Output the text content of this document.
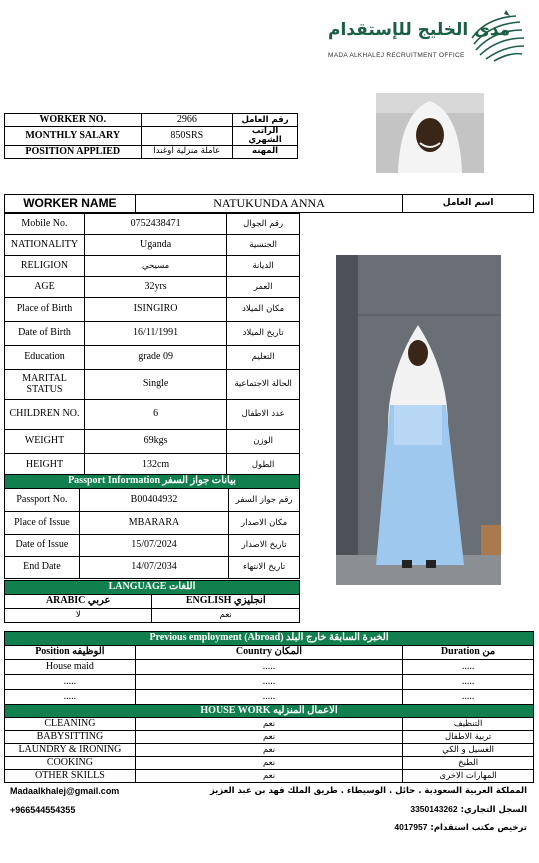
مدى الخليج للإستقدام
MADA ALKHALEJ RECRUITMENT OFFICE
WORKER NO.	2966	رقم العامل
MONTHLY SALARY	850SRS	الراتب الشهري
POSITION APPLIED	عاملة منزلية اوغندا	المهنه
WORKER NAME	NATUKUNDA ANNA	اسم العامل
Mobile No.	0752438471	رقم الجوال
NATIONALITY	Uganda	الجنسية
RELIGION	مسيحي	الديانة
AGE	32yrs	العمر
Place of Birth	ISINGIRO	مكان الميلاد
Date of Birth	16/11/1991	تاريخ الميلاد
Education	grade 09	التعليم
MARITAL STATUS	Single	الحالة الاجتماعية
CHILDREN NO.	6	عدد الاطفال
WEIGHT	69kgs	الوزن
HEIGHT	132cm	الطول
Passport Information بيانات جواز السفر		
Passport No.	B00404932	رقم جواز السفر
Place of Issue	MBARARA	مكان الاصدار
Date of Issue	15/07/2024	تاريخ الاصدار
End Date	14/07/2034	تاريخ الانتهاء
LANGUAGE اللغات	
ARABIC عربي	ENGLISH انجليزي
لا	نعم
Previous employment (Abroad) الخبرة السابقة خارج البلد		
Position الوظيفه	Country المكان	Duration من
House maid	.....	.....
.....	.....	.....
.....	.....	.....
HOUSE WORK الاعمال المنزليه		
CLEANING	نعم	التنظيف
BABYSITTING	نعم	تربية الاطفال
LAUNDRY & IRONING	نعم	الغسيل و الكي
COOKING	نعم	الطبخ
OTHER SKILLS	نعم	المهارات الاخرى
Madaalkhalej@gmail.com
+966544554355
المملكة العربية السعودية . حائل . الوسيطاء . طريق الملك فهد بن عبد العزيز
السجل التجاري: 3350143262
ترخيص مكتب استقدام: 4017957
